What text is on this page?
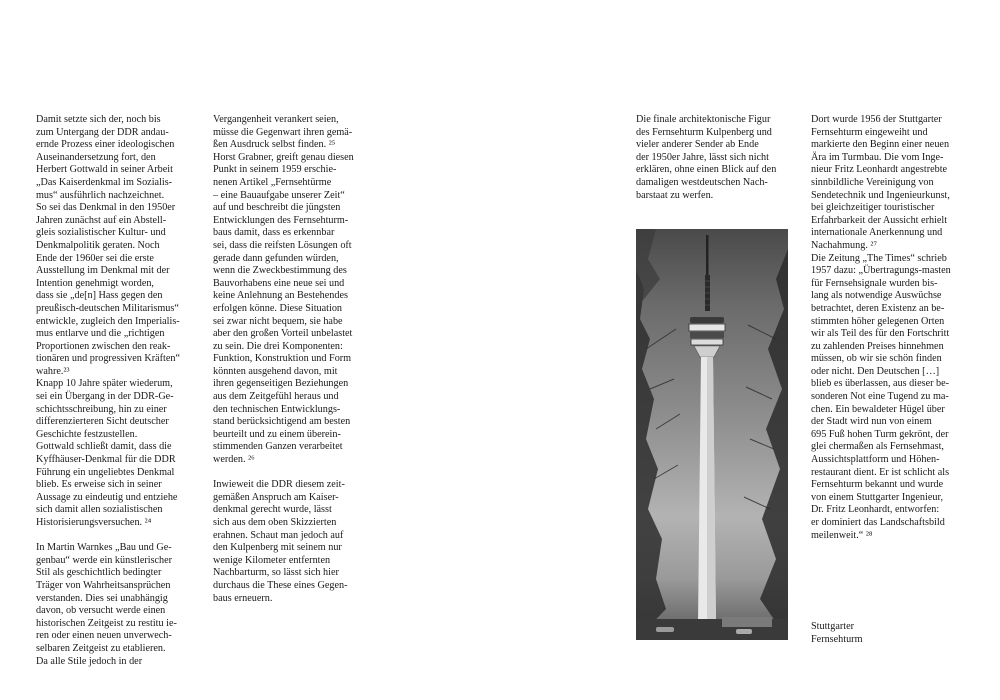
Damit setzte sich der, noch bis
zum Untergang der DDR andau-
ernde Prozess einer ideologischen
Auseinandersetzung fort, den
Herbert Gottwald in seiner Arbeit
„Das Kaiserdenkmal im Sozialis-
mus“ ausführlich nachzeichnet.
So sei das Denkmal in den 1950er
Jahren zunächst auf ein Abstell-
gleis sozialistischer Kultur- und
Denkmalpolitik geraten. Noch
Ende der 1960er sei die erste
Ausstellung im Denkmal mit der
Intention genehmigt worden,
dass sie „de[n] Hass gegen den
preußisch-deutschen Militarismus“
entwickle, zugleich den Imperialis-
mus entlarve und die „richtigen
Proportionen zwischen den reak-
tionären und progressiven Kräften“
wahre.²³
Knapp 10 Jahre später wiederum,
sei ein Übergang in der DDR-Ge-
schichtsschreibung, hin zu einer
differenzierteren Sicht deutscher
Geschichte festzustellen.
Gottwald schließt damit, dass die
Kyffhäuser-Denkmal für die DDR
Führung ein ungeliebtes Denkmal
blieb. Es erweise sich in seiner
Aussage zu eindeutig und entziehe
sich damit allen sozialistischen
Historisierungsversuchen. ²⁴
In Martin Warnkes „Bau und Ge-
genbau“ werde ein künstlerischer
Stil als geschichtlich bedingter
Träger von Wahrheitsansprüchen
verstanden. Dies sei unabhängig
davon, ob versucht werde einen
historischen Zeitgeist zu restitu ie-
ren oder einen neuen unverwech-
selbaren Zeitgeist zu etablieren.
Da alle Stile jedoch in der
Vergangenheit verankert seien,
müsse die Gegenwart ihren gemä-
ßen Ausdruck selbst finden. ²⁵
Horst Grabner, greift genau diesen
Punkt in seinem 1959 erschie-
nenen Artikel „Fernsehtürme
– eine Bauaufgabe unserer Zeit“
auf und beschreibt die jüngsten
Entwicklungen des Fernsehturm-
baus damit, dass es erkennbar
sei, dass die reifsten Lösungen oft
gerade dann gefunden würden,
wenn die Zweckbestimmung des
Bauvorhabens eine neue sei und
keine Anlehnung an Bestehendes
erfolgen könne. Diese Situation
sei zwar nicht bequem, sie habe
aber den großen Vorteil unbelastet
zu sein. Die drei Komponenten:
Funktion, Konstruktion und Form
könnten ausgehend davon, mit
ihren gegenseitigen Beziehungen
aus dem Zeitgefühl heraus und
den technischen Entwicklungs-
stand berücksichtigend am besten
beurteilt und zu einem überein-
stimmenden Ganzen verarbeitet
werden. ²⁶
Inwieweit die DDR diesem zeit-
gemäßen Anspruch am Kaiser-
denkmal gerecht wurde, lässt
sich aus dem oben Skizzierten
erahnen. Schaut man jedoch auf
den Kulpenberg mit seinem nur
wenige Kilometer entfernten
Nachbarturm, so lässt sich hier
durchaus die These eines Gegen-
baus erneuern.
Die finale architektonische Figur
des Fernsehturm Kulpenberg und
vieler anderer Sender ab Ende
der 1950er Jahre, lässt sich nicht
erklären, ohne einen Blick auf den
damaligen westdeutschen Nach-
barstaat zu werfen.
Dort wurde 1956 der Stuttgarter
Fernsehturm eingeweiht und
markierte den Beginn einer neuen
Ära im Turmbau. Die vom Inge-
nieur Fritz Leonhardt angestrebte
sinnbildliche Vereinigung von
Sendetechnik und Ingenieurkunst,
bei gleichzeitiger touristischer
Erfahrbarkeit der Aussicht erhielt
internationale Anerkennung und
Nachahmung. ²⁷
Die Zeitung „The Times“ schrieb
1957 dazu: „Übertragungs-masten
für Fernsehsignale wurden bis-
lang als notwendige Auswüchse
betrachtet, deren Existenz an be-
stimmten höher gelegenen Orten
wir als Teil des für den Fortschritt
zu zahlenden Preises hinnehmen
müssen, ob wir sie schön finden
oder nicht. Den Deutschen […]
blieb es überlassen, aus dieser be-
sonderen Not eine Tugend zu ma-
chen. Ein bewaldeter Hügel über
der Stadt wird nun von einem
695 Fuß hohen Turm gekrönt, der
glei chermaßen als Fernsehmast,
Aussichtsplattform und Höhen-
restaurant dient. Er ist schlicht als
Fernsehturm bekannt und wurde
von einem Stuttgarter Ingenieur,
Dr. Fritz Leonhardt, entworfen:
er dominiert das Landschaftsbild
meilenweit.“ ²⁸
Stuttgarter
Fernsehturm
